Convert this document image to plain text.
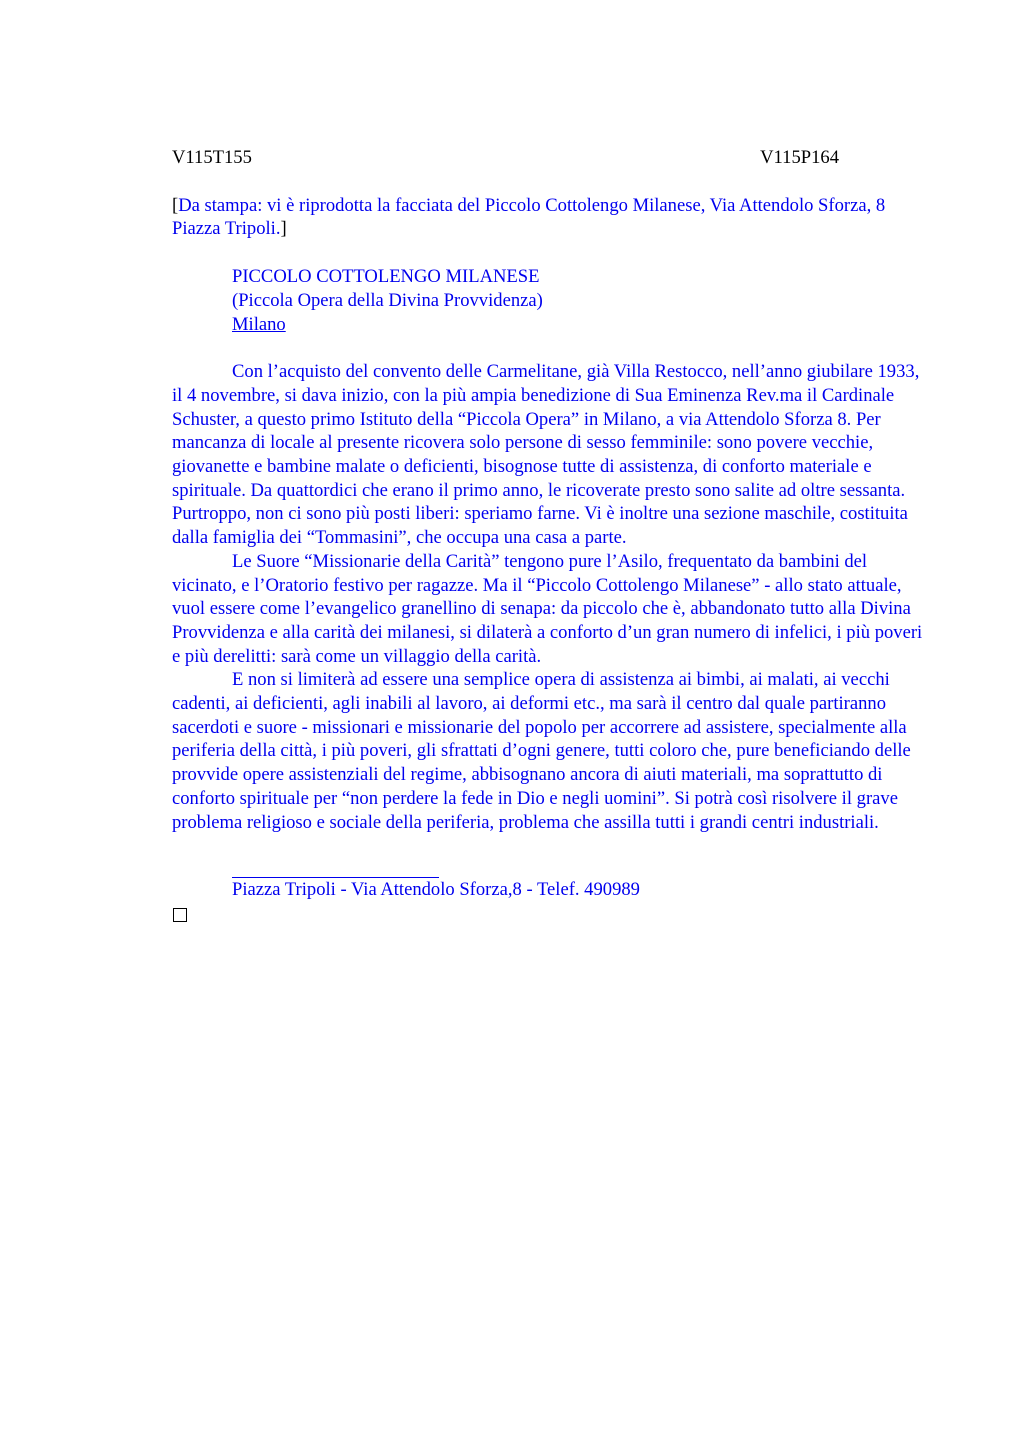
V115T155	V115P164
[Da stampa: vi è riprodotta la facciata del Piccolo Cottolengo Milanese, Via Attendolo Sforza, 8 Piazza Tripoli.]
PICCOLO COTTOLENGO MILANESE
(Piccola Opera della Divina Provvidenza)
Milano

Con l’acquisto del convento delle Carmelitane, già Villa Restocco, nell’anno giubilare 1933, il 4 novembre, si dava inizio, con la più ampia benedizione di Sua Eminenza Rev.ma il Cardinale Schuster, a questo primo Istituto della “Piccola Opera” in Milano, a via Attendolo Sforza 8. Per mancanza di locale al presente ricovera solo persone di sesso femminile: sono povere vecchie, giovanette e bambine malate o deficienti, bisognose tutte di assistenza, di conforto materiale e spirituale. Da quattordici che erano il primo anno, le ricoverate presto sono salite ad oltre sessanta. Purtroppo, non ci sono più posti liberi: speriamo farne. Vi è inoltre una sezione maschile, costituita dalla famiglia dei “Tommasini”, che occupa una casa a parte.

Le Suore “Missionarie della Carità” tengono pure l’Asilo, frequentato da bambini del vicinato, e l’Oratorio festivo per ragazze. Ma il “Piccolo Cottolengo Milanese” - allo stato attuale, vuol essere come l’evangelico granellino di senapa: da piccolo che è, abbandonato tutto alla Divina Provvidenza e alla carità dei milanesi, si dilaterà a conforto d’un gran numero di infelici, i più poveri e più derelitti: sarà come un villaggio della carità.

E non si limiterà ad essere una semplice opera di assistenza ai bimbi, ai malati, ai vecchi cadenti, ai deficienti, agli inabili al lavoro, ai deformi etc., ma sarà il centro dal quale partiranno sacerdoti e suore - missionari e missionarie del popolo per accorrere ad assistere, specialmente alla periferia della città, i più poveri, gli sfrattati d’ogni genere, tutti coloro che, pure beneficiando delle provvide opere assistenziali del regime, abbisognano ancora di aiuti materiali, ma soprattutto di conforto spirituale per “non perdere la fede in Dio e negli uomini”. Si potrà così risolvere il grave problema religioso e sociale della periferia, problema che assilla tutti i grandi centri industriali.

Piazza Tripoli - Via Attendolo Sforza,8 - Telef. 490989
